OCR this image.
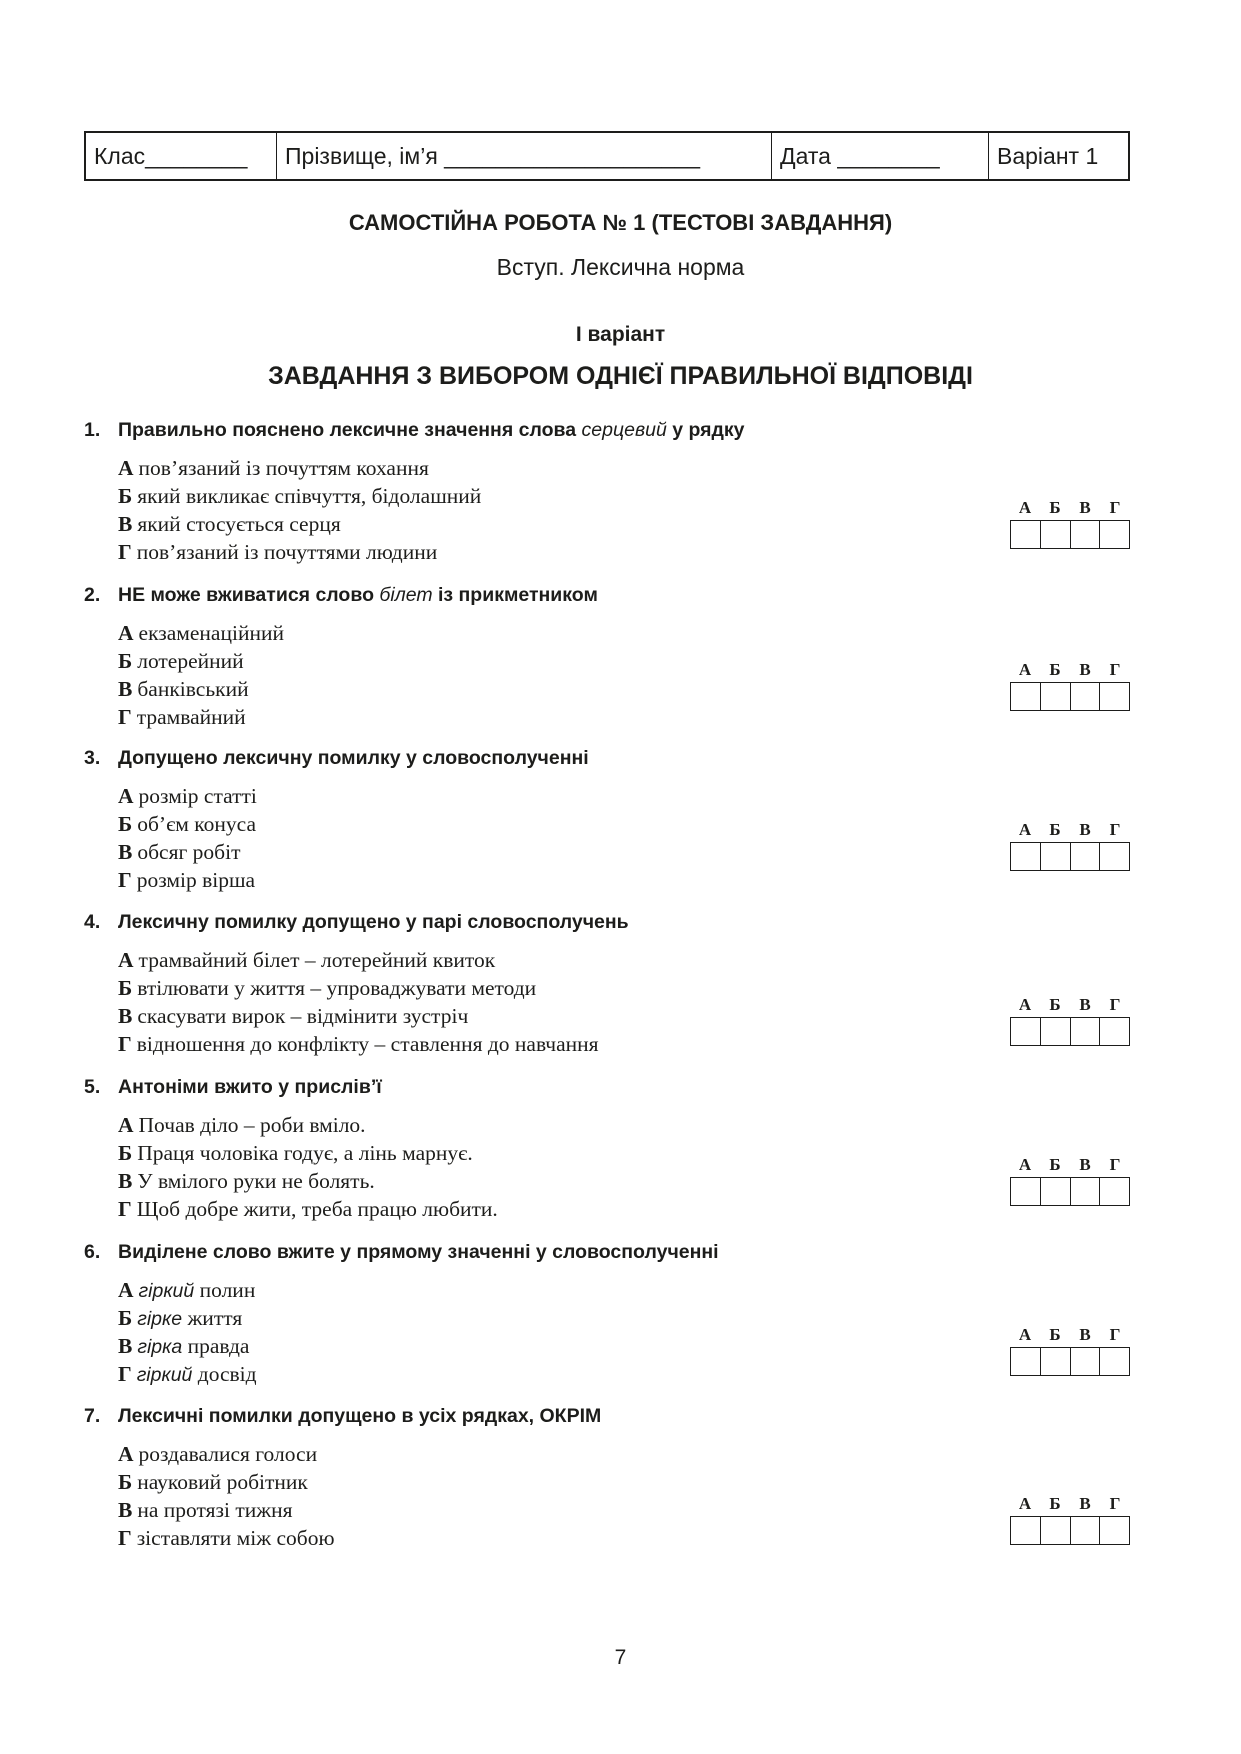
Клас________	Прізвище, ім’я ____________________	Дата ________	Варіант 1
САМОСТІЙНА РОБОТА № 1 (ТЕСТОВІ ЗАВДАННЯ)
Вступ. Лексична норма
І варіант
ЗАВДАННЯ З ВИБОРОМ ОДНІЄЇ ПРАВИЛЬНОЇ ВІДПОВІДІ
1. Правильно пояснено лексичне значення слова серцевий у рядку
А пов’язаний із почуттям кохання
Б який викликає співчуття, бідолашний
В який стосується серця
Г пов’язаний із почуттями людини
А	Б	В	Г
2. НЕ може вживатися слово білет із прикметником
А екзаменаційний
Б лотерейний
В банківський
Г трамвайний
А	Б	В	Г
3. Допущено лексичну помилку у словосполученні
А розмір статті
Б об’єм конуса
В обсяг робіт
Г розмір вірша
А	Б	В	Г
4. Лексичну помилку допущено у парі словосполучень
А трамвайний білет – лотерейний квиток
Б втілювати у життя – упроваджувати методи
В скасувати вирок – відмінити зустріч
Г відношення до конфлікту – ставлення до навчання
А	Б	В	Г
5. Антоніми вжито у прислів’ї
А Почав діло – роби вміло.
Б Праця чоловіка годує, а лінь марнує.
В У вмілого руки не болять.
Г Щоб добре жити, треба працю любити.
А	Б	В	Г
6. Виділене слово вжите у прямому значенні у словосполученні
А гіркий полин
Б гірке життя
В гірка правда
Г гіркий досвід
А	Б	В	Г
7. Лексичні помилки допущено в усіх рядках, ОКРІМ
А роздавалися голоси
Б науковий робітник
В на протязі тижня
Г зіставляти між собою
А	Б	В	Г
7
